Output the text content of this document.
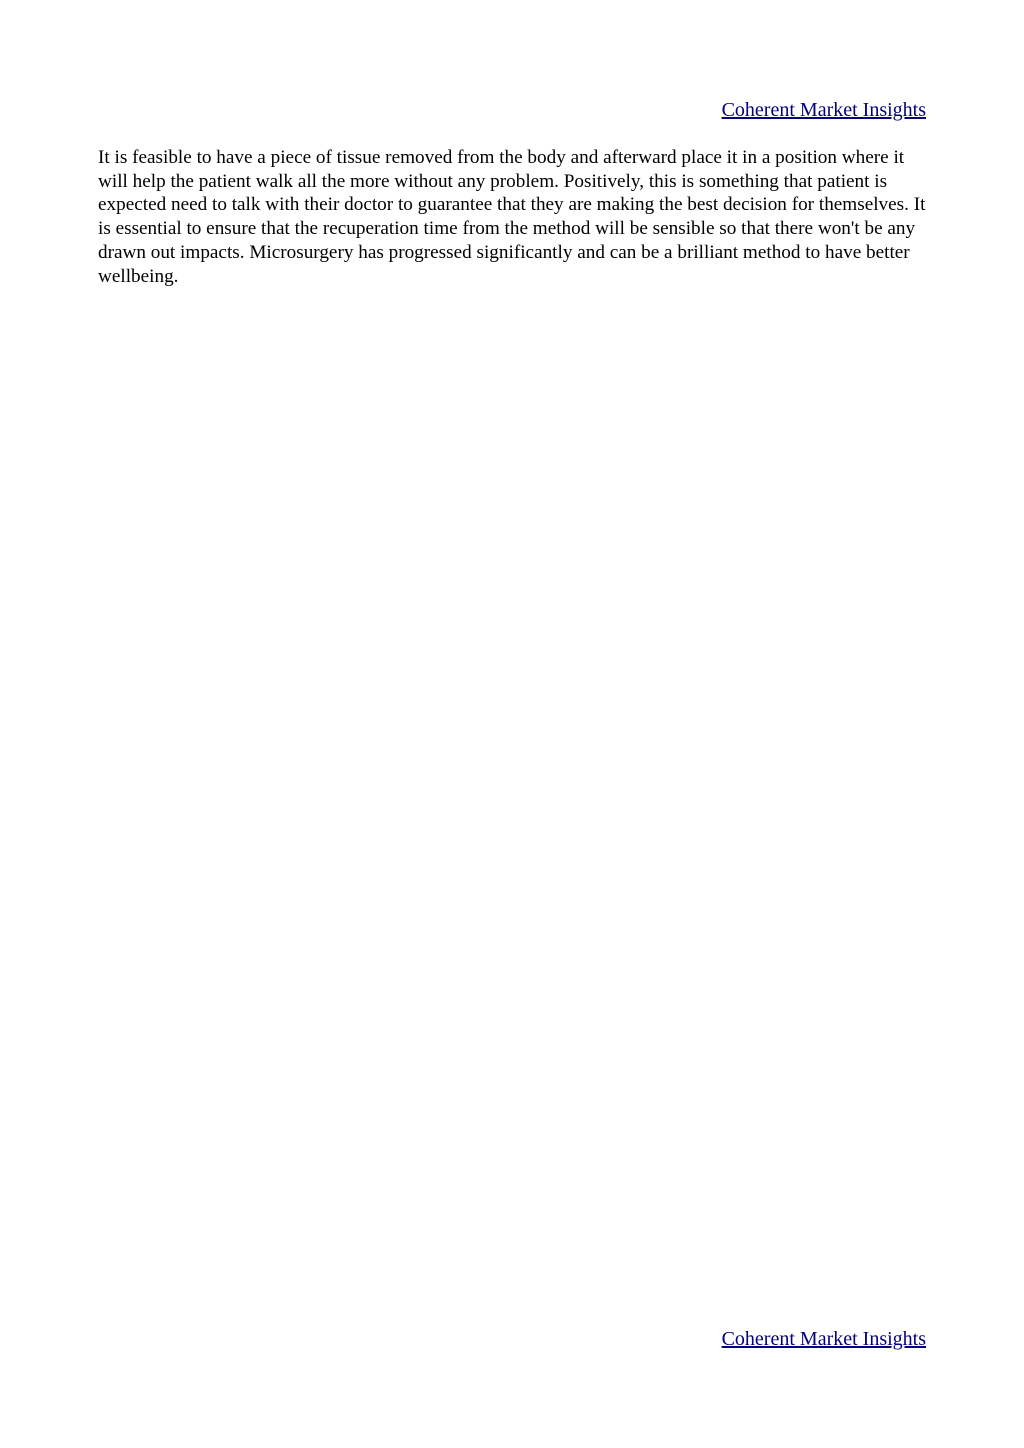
Coherent Market Insights

It is feasible to have a piece of tissue removed from the body and afterward place it in a position where it will help the patient walk all the more without any problem. Positively, this is something that patient is expected need to talk with their doctor to guarantee that they are making the best decision for themselves. It is essential to ensure that the recuperation time from the method will be sensible so that there won't be any drawn out impacts. Microsurgery has progressed significantly and can be a brilliant method to have better wellbeing.

Coherent Market Insights
